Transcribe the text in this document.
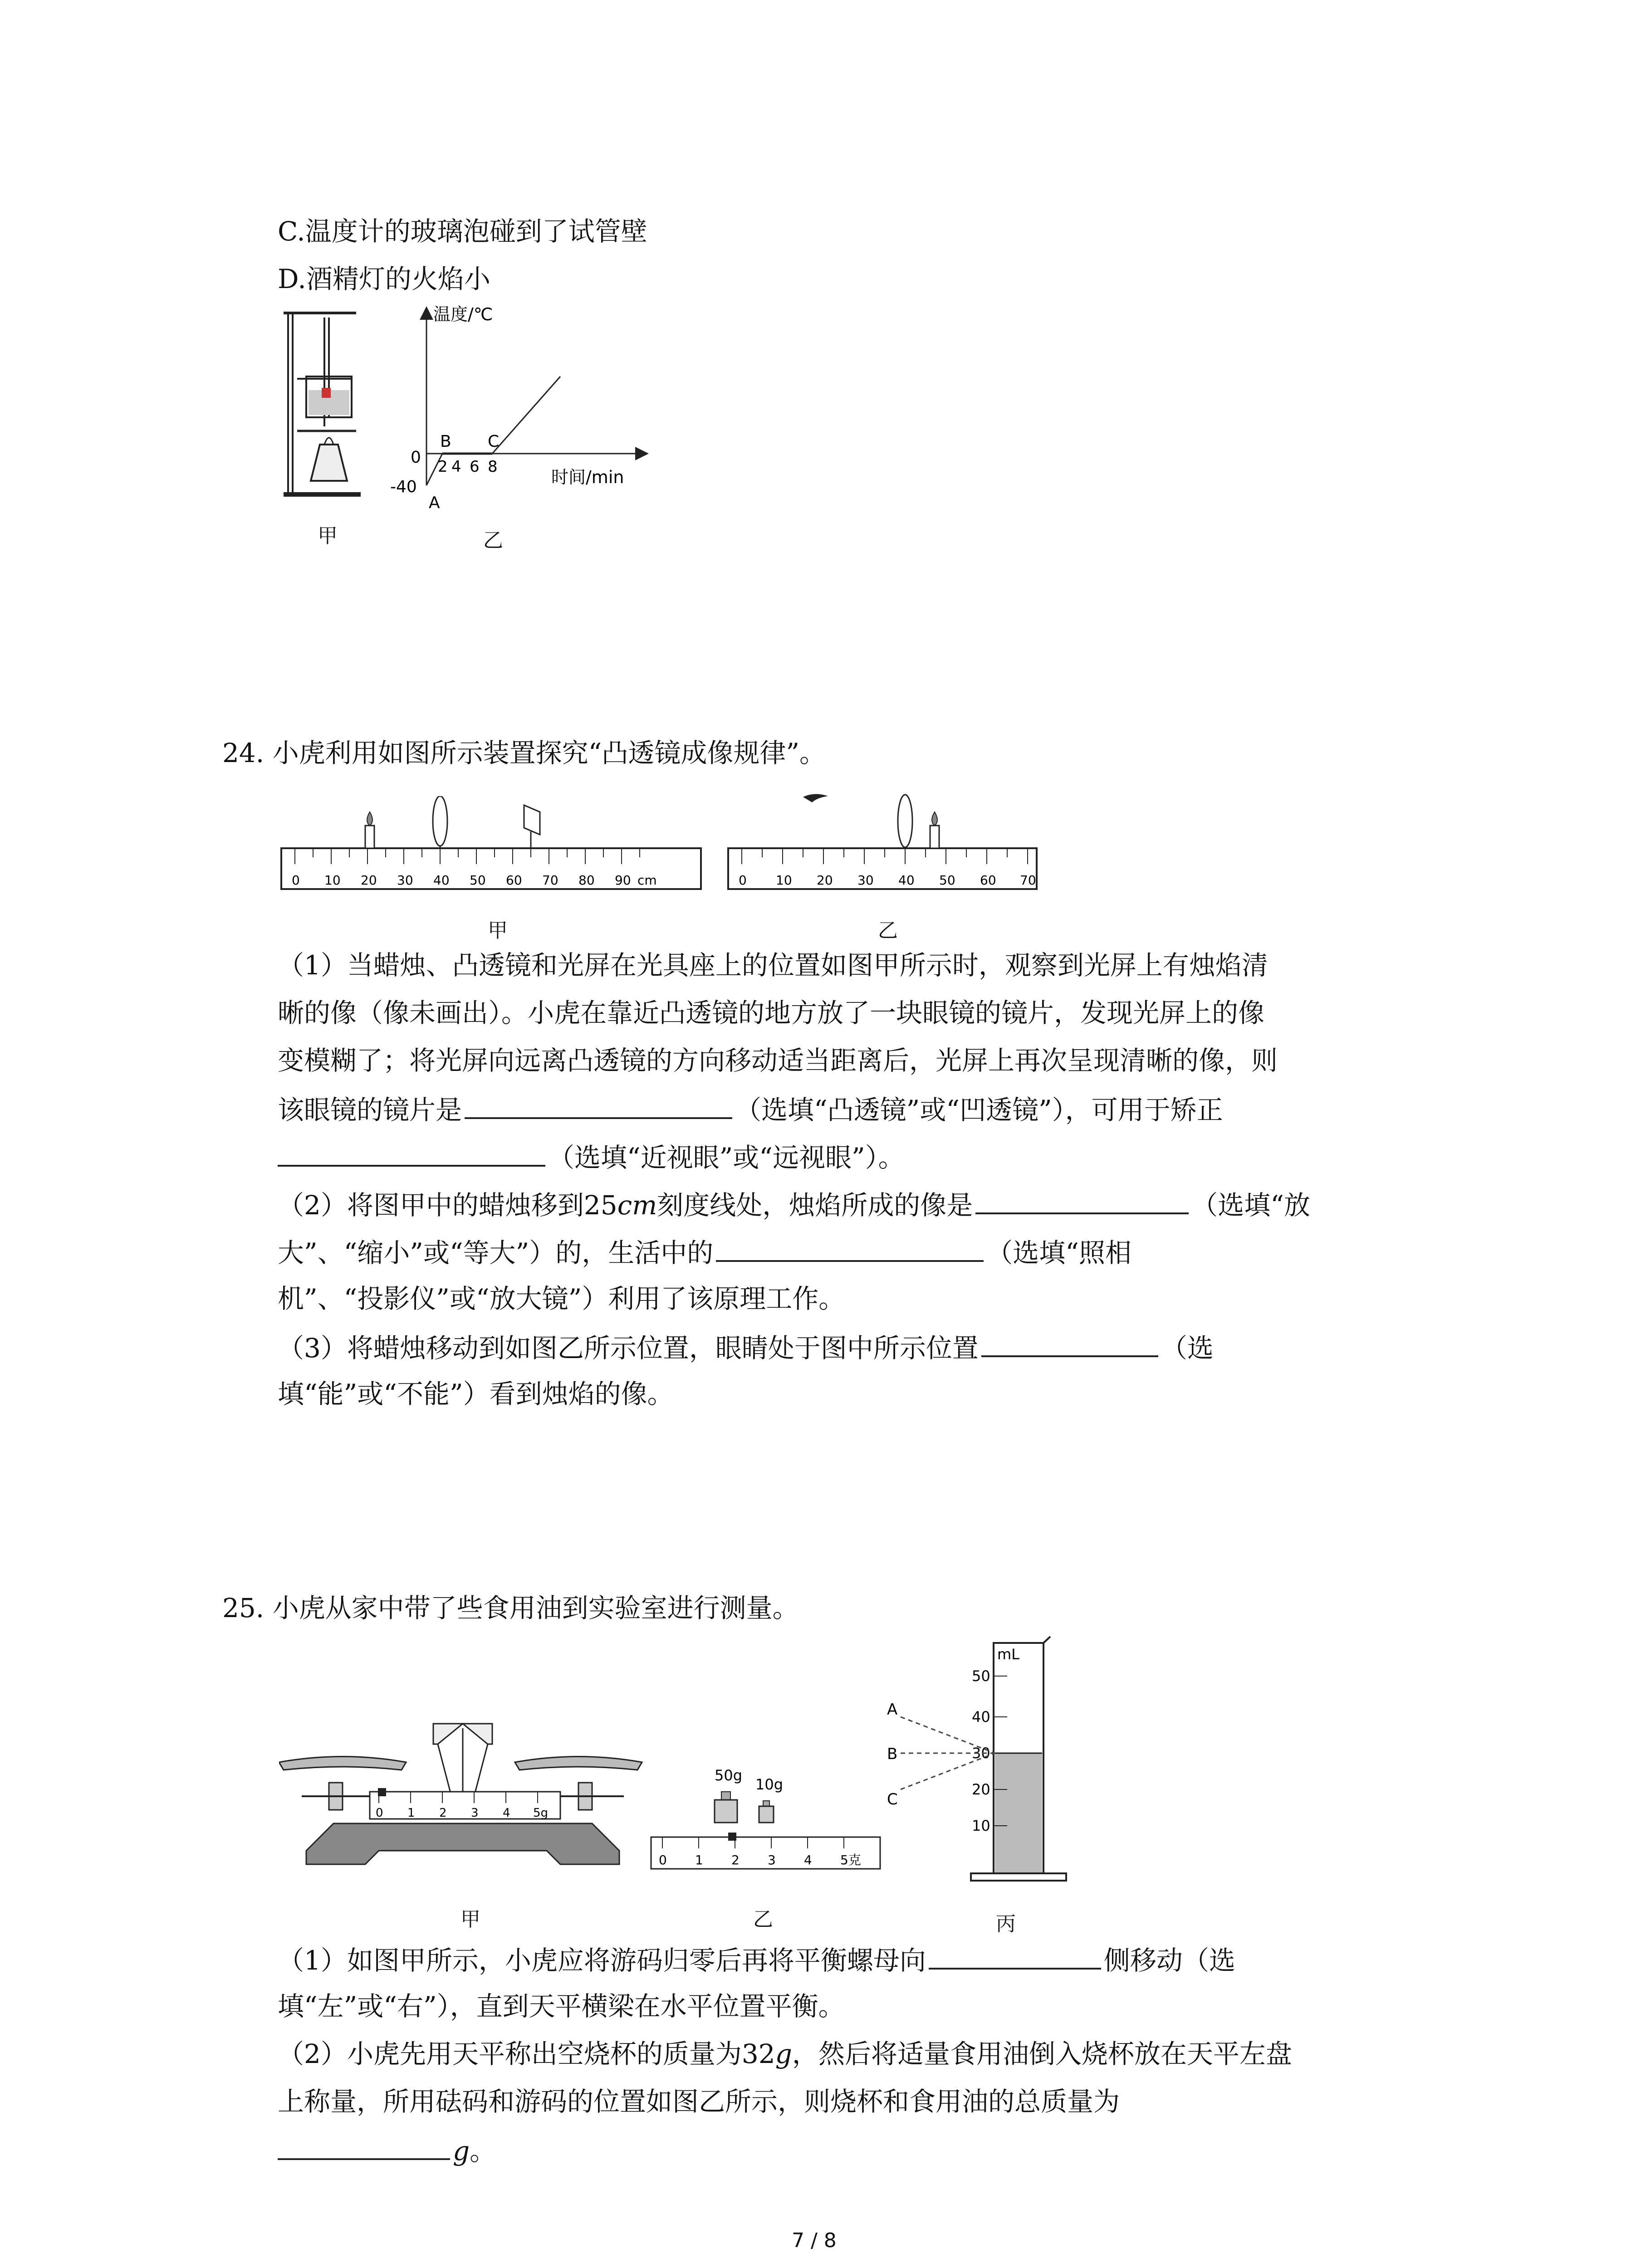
C.温度计的玻璃泡碰到了试管壁
D.酒精灯的火焰小
甲
温度/℃
时间/min
0
-40
2 4 6 8
A
B C
乙
24. 小虎利用如图所示装置探究“凸透镜成像规律”。
0 10 20 30 40 50 60 70 80 90 cm
甲
0 10 20 30 40 50 60 70
乙
（1）当蜡烛、凸透镜和光屏在光具座上的位置如图甲所示时，观察到光屏上有烛焰清
晰的像（像未画出）。小虎在靠近凸透镜的地方放了一块眼镜的镜片，发现光屏上的像
变模糊了；将光屏向远离凸透镜的方向移动适当距离后，光屏上再次呈现清晰的像，则
该眼镜的镜片是	（选填“凸透镜”或“凹透镜”），可用于矫正
（选填“近视眼”或“远视眼”）。
（2）将图甲中的蜡烛移到25cm刻度线处，烛焰所成的像是	（选填“放
大”、“缩小”或“等大”）的，生活中的	（选填“照相
机”、“投影仪”或“放大镜”）利用了该原理工作。
（3）将蜡烛移动到如图乙所示位置，眼睛处于图中所示位置	（选
填“能”或“不能”）看到烛焰的像。
25. 小虎从家中带了些食用油到实验室进行测量。
0 1 2 3 4 5g
甲
50g
10g
0 1 2 3 4 5克
乙
mL
50
40
30
20
10
A
B
C
丙
（1）如图甲所示，小虎应将游码归零后再将平衡螺母向	侧移动（选
填“左”或“右”），直到天平横梁在水平位置平衡。
（2）小虎先用天平称出空烧杯的质量为32g，然后将适量食用油倒入烧杯放在天平左盘
上称量，所用砝码和游码的位置如图乙所示，则烧杯和食用油的总质量为
g。
7 / 8
